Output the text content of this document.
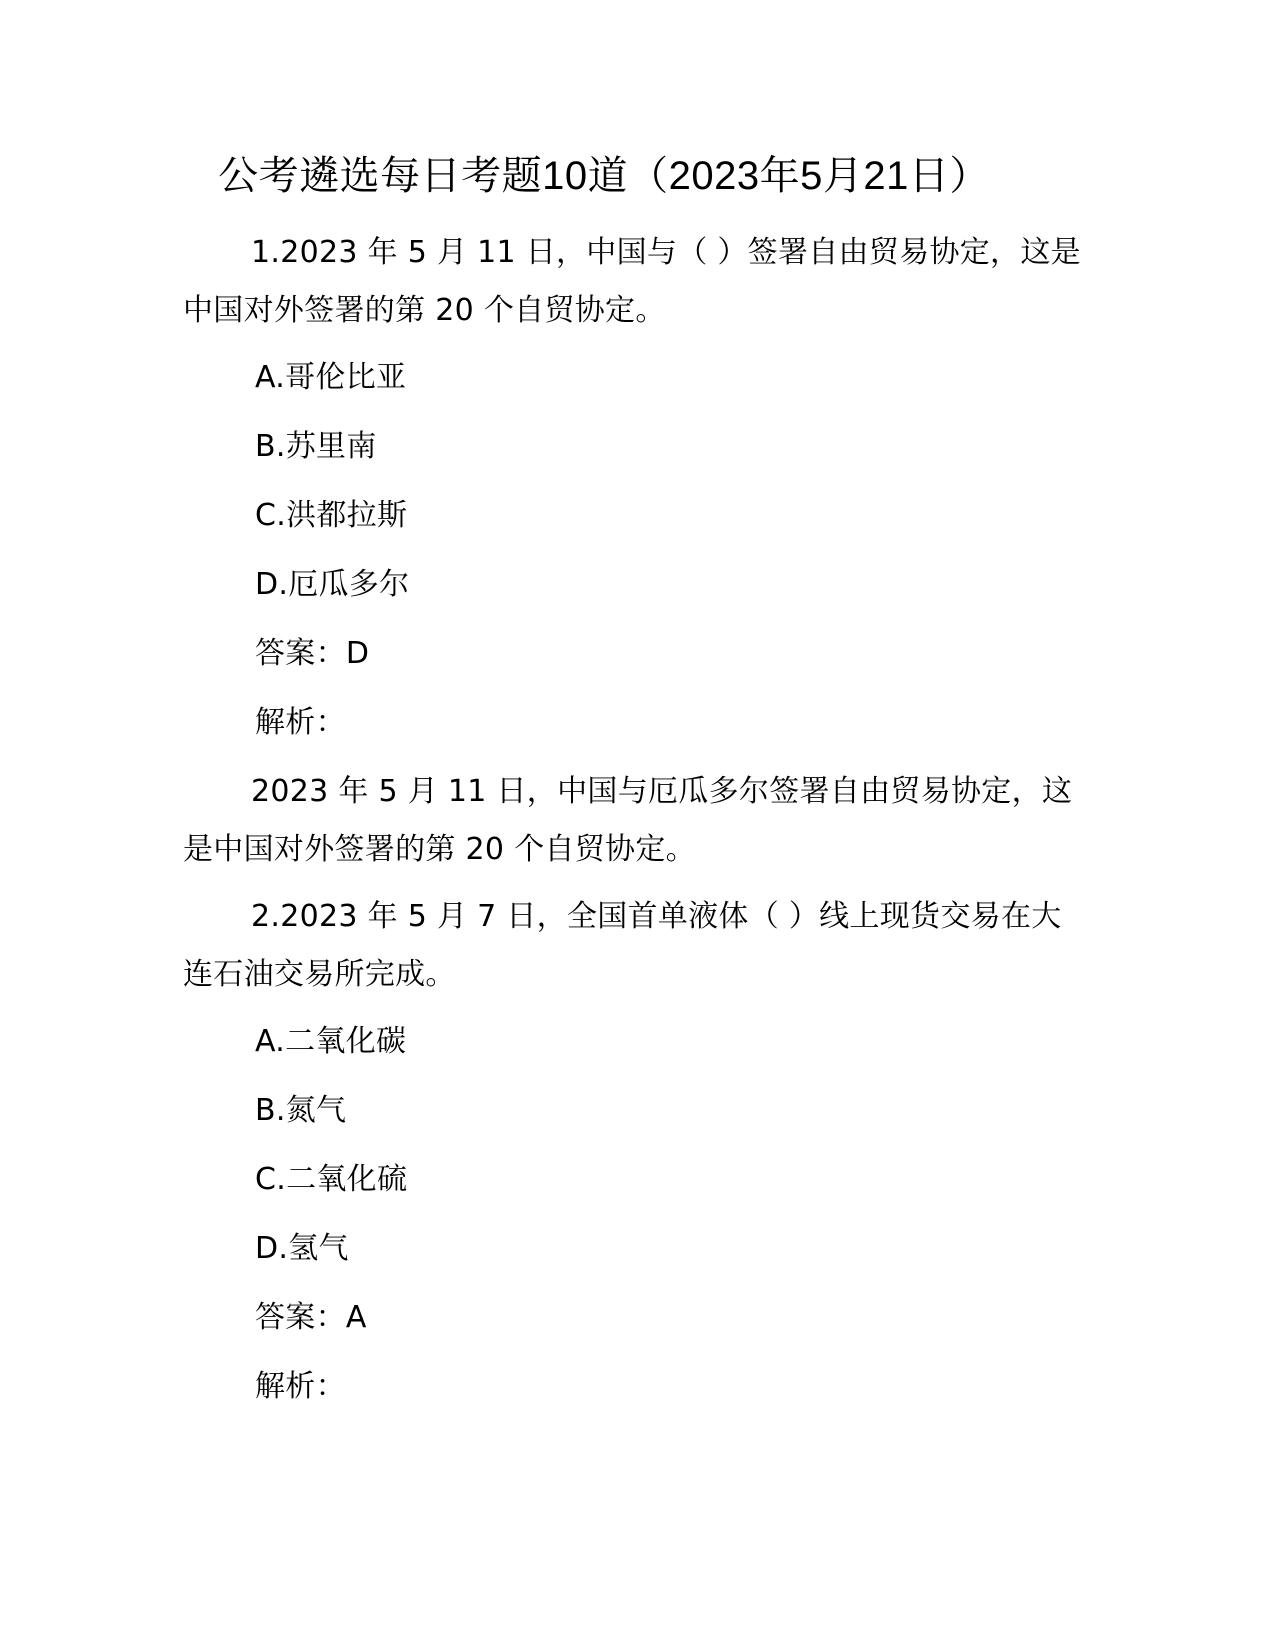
公考遴选每日考题10道（2023年5月21日）

1.2023 年 5 月 11 日，中国与（ ）签署自由贸易协定，这是中国对外签署的第 20 个自贸协定。

A.哥伦比亚
B.苏里南
C.洪都拉斯
D.厄瓜多尔
答案：D
解析：

2023 年 5 月 11 日，中国与厄瓜多尔签署自由贸易协定，这是中国对外签署的第 20 个自贸协定。

2.2023 年 5 月 7 日，全国首单液体（ ）线上现货交易在大连石油交易所完成。

A.二氧化碳
B.氮气
C.二氧化硫
D.氢气
答案：A
解析：
